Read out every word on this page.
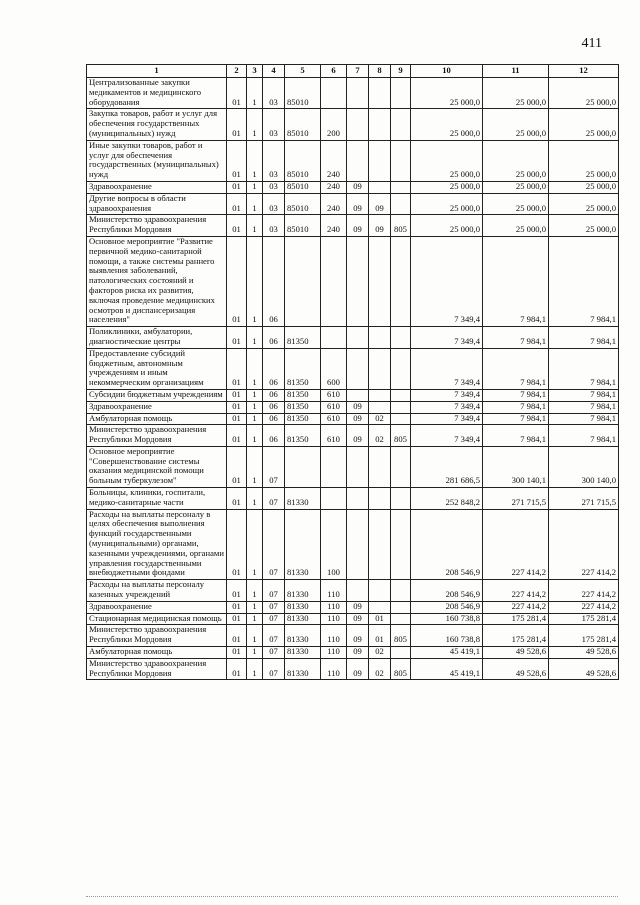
411
1	2	3	4	5	6	7	8	9	10	11	12
Централизованные закупки медикаментов и медицинского оборудования	01	1	03	85010					25 000,0	25 000,0	25 000,0
Закупка товаров, работ и услуг для обеспечения государственных (муниципальных) нужд	01	1	03	85010	200				25 000,0	25 000,0	25 000,0
Иные закупки товаров, работ и услуг для обеспечения государственных (муниципальных) нужд	01	1	03	85010	240				25 000,0	25 000,0	25 000,0
Здравоохранение	01	1	03	85010	240	09			25 000,0	25 000,0	25 000,0
Другие вопросы в области здравоохранения	01	1	03	85010	240	09	09		25 000,0	25 000,0	25 000,0
Министерство здравоохранения Республики Мордовия	01	1	03	85010	240	09	09	805	25 000,0	25 000,0	25 000,0
Основное мероприятие "Развитие первичной медико-санитарной помощи, а также системы раннего выявления заболеваний, патологических состояний и факторов риска их развития, включая проведение медицинских осмотров и диспансеризация населения"	01	1	06						7 349,4	7 984,1	7 984,1
Поликлиники, амбулатории, диагностические центры	01	1	06	81350					7 349,4	7 984,1	7 984,1
Предоставление субсидий бюджетным, автономным учреждениям и иным некоммерческим организациям	01	1	06	81350	600				7 349,4	7 984,1	7 984,1
Субсидии бюджетным учреждениям	01	1	06	81350	610				7 349,4	7 984,1	7 984,1
Здравоохранение	01	1	06	81350	610	09			7 349,4	7 984,1	7 984,1
Амбулаторная помощь	01	1	06	81350	610	09	02		7 349,4	7 984,1	7 984,1
Министерство здравоохранения Республики Мордовия	01	1	06	81350	610	09	02	805	7 349,4	7 984,1	7 984,1
Основное мероприятие "Совершенствование системы оказания медицинской помощи больным туберкулезом"	01	1	07						281 686,5	300 140,1	300 140,0
Больницы, клиники, госпитали, медико-санитарные части	01	1	07	81330					252 848,2	271 715,5	271 715,5
Расходы на выплаты персоналу в целях обеспечения выполнения функций государственными (муниципальными) органами, казенными учреждениями, органами управления государственными внебюджетными фондами	01	1	07	81330	100				208 546,9	227 414,2	227 414,2
Расходы на выплаты персоналу казенных учреждений	01	1	07	81330	110				208 546,9	227 414,2	227 414,2
Здравоохранение	01	1	07	81330	110	09			208 546,9	227 414,2	227 414,2
Стационарная медицинская помощь	01	1	07	81330	110	09	01		160 738,8	175 281,4	175 281,4
Министерство здравоохранения Республики Мордовия	01	1	07	81330	110	09	01	805	160 738,8	175 281,4	175 281,4
Амбулаторная помощь	01	1	07	81330	110	09	02		45 419,1	49 528,6	49 528,6
Министерство здравоохранения Республики Мордовия	01	1	07	81330	110	09	02	805	45 419,1	49 528,6	49 528,6
